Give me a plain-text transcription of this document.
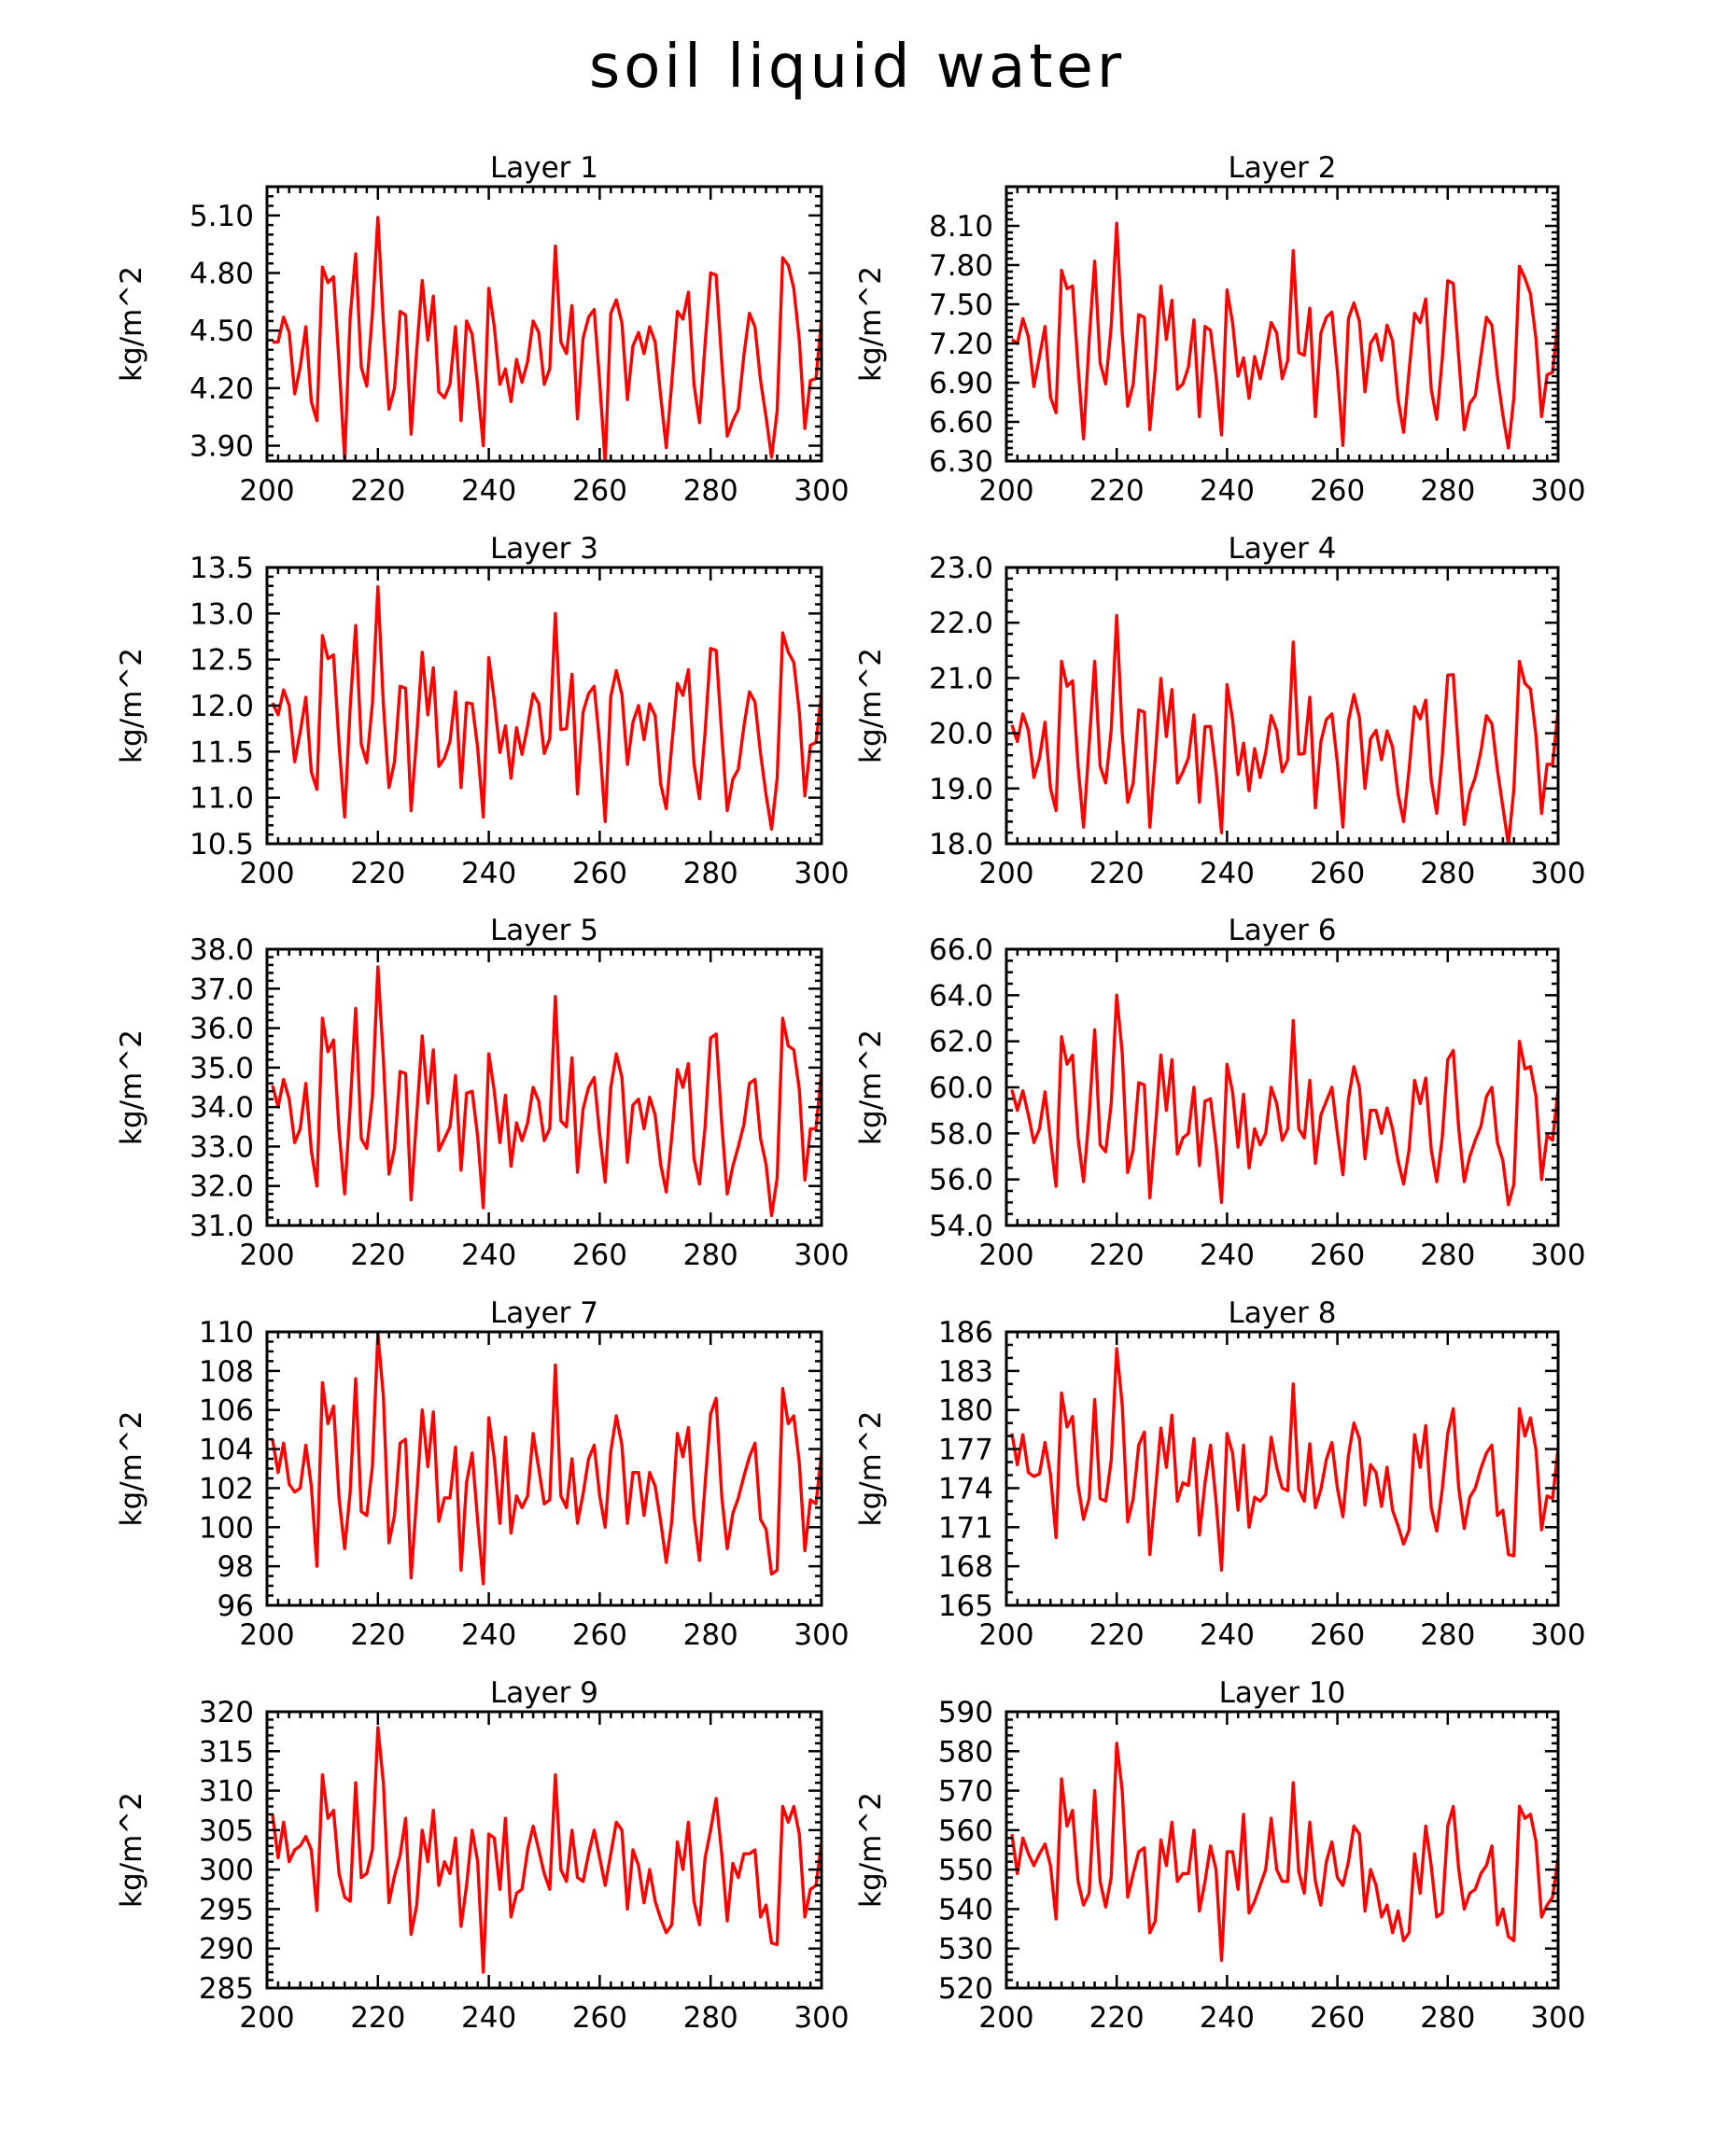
soil liquid water
Layer 1
kg/m^2
200 220 240 260 280 300
3.90
4.20
4.50
4.80
5.10
Layer 2
kg/m^2
200 220 240 260 280 300
6.30
6.60
6.90
7.20
7.50
7.80
8.10
Layer 3
kg/m^2
200 220 240 260 280 300
10.5
11.0
11.5
12.0
12.5
13.0
13.5
Layer 4
kg/m^2
200 220 240 260 280 300
18.0
19.0
20.0
21.0
22.0
23.0
Layer 5
kg/m^2
200 220 240 260 280 300
31.0
32.0
33.0
34.0
35.0
36.0
37.0
38.0
Layer 6
kg/m^2
200 220 240 260 280 300
54.0
56.0
58.0
60.0
62.0
64.0
66.0
Layer 7
kg/m^2
200 220 240 260 280 300
96
98
100
102
104
106
108
110
Layer 8
kg/m^2
200 220 240 260 280 300
165
168
171
174
177
180
183
186
Layer 9
kg/m^2
200 220 240 260 280 300
285
290
295
300
305
310
315
320
Layer 10
kg/m^2
200 220 240 260 280 300
520
530
540
550
560
570
580
590
